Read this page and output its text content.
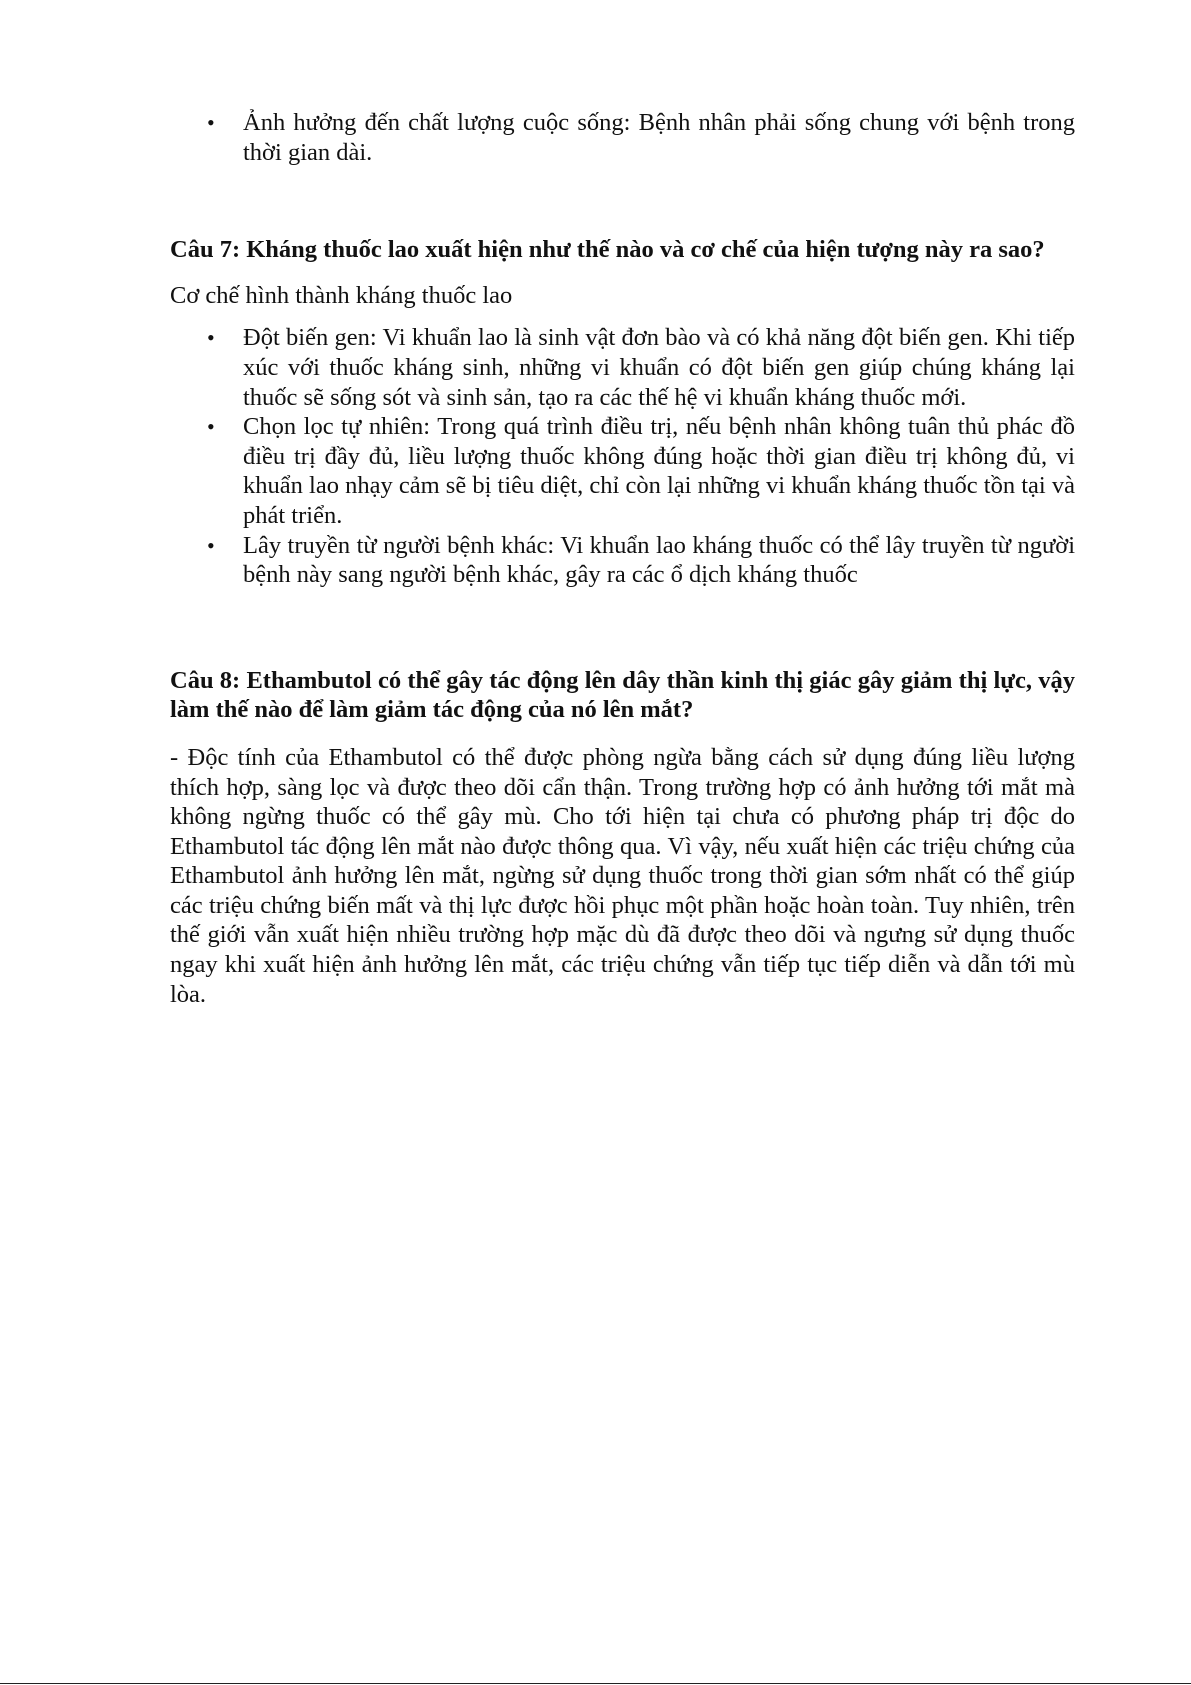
• Ảnh hưởng đến chất lượng cuộc sống: Bệnh nhân phải sống chung với bệnh trong thời gian dài.

Câu 7: Kháng thuốc lao xuất hiện như thế nào và cơ chế của hiện tượng này ra sao?

Cơ chế hình thành kháng thuốc lao

• Đột biến gen: Vi khuẩn lao là sinh vật đơn bào và có khả năng đột biến gen. Khi tiếp xúc với thuốc kháng sinh, những vi khuẩn có đột biến gen giúp chúng kháng lại thuốc sẽ sống sót và sinh sản, tạo ra các thế hệ vi khuẩn kháng thuốc mới.
• Chọn lọc tự nhiên: Trong quá trình điều trị, nếu bệnh nhân không tuân thủ phác đồ điều trị đầy đủ, liều lượng thuốc không đúng hoặc thời gian điều trị không đủ, vi khuẩn lao nhạy cảm sẽ bị tiêu diệt, chỉ còn lại những vi khuẩn kháng thuốc tồn tại và phát triển.
• Lây truyền từ người bệnh khác: Vi khuẩn lao kháng thuốc có thể lây truyền từ người bệnh này sang người bệnh khác, gây ra các ổ dịch kháng thuốc

Câu 8: Ethambutol có thể gây tác động lên dây thần kinh thị giác gây giảm thị lực, vậy làm thế nào để làm giảm tác động của nó lên mắt?

- Độc tính của Ethambutol có thể được phòng ngừa bằng cách sử dụng đúng liều lượng thích hợp, sàng lọc và được theo dõi cẩn thận. Trong trường hợp có ảnh hưởng tới mắt mà không ngừng thuốc có thể gây mù. Cho tới hiện tại chưa có phương pháp trị độc do Ethambutol tác động lên mắt nào được thông qua. Vì vậy, nếu xuất hiện các triệu chứng của Ethambutol ảnh hưởng lên mắt, ngừng sử dụng thuốc trong thời gian sớm nhất có thể giúp các triệu chứng biến mất và thị lực được hồi phục một phần hoặc hoàn toàn. Tuy nhiên, trên thế giới vẫn xuất hiện nhiều trường hợp mặc dù đã được theo dõi và ngưng sử dụng thuốc ngay khi xuất hiện ảnh hưởng lên mắt, các triệu chứng vẫn tiếp tục tiếp diễn và dẫn tới mù lòa.
